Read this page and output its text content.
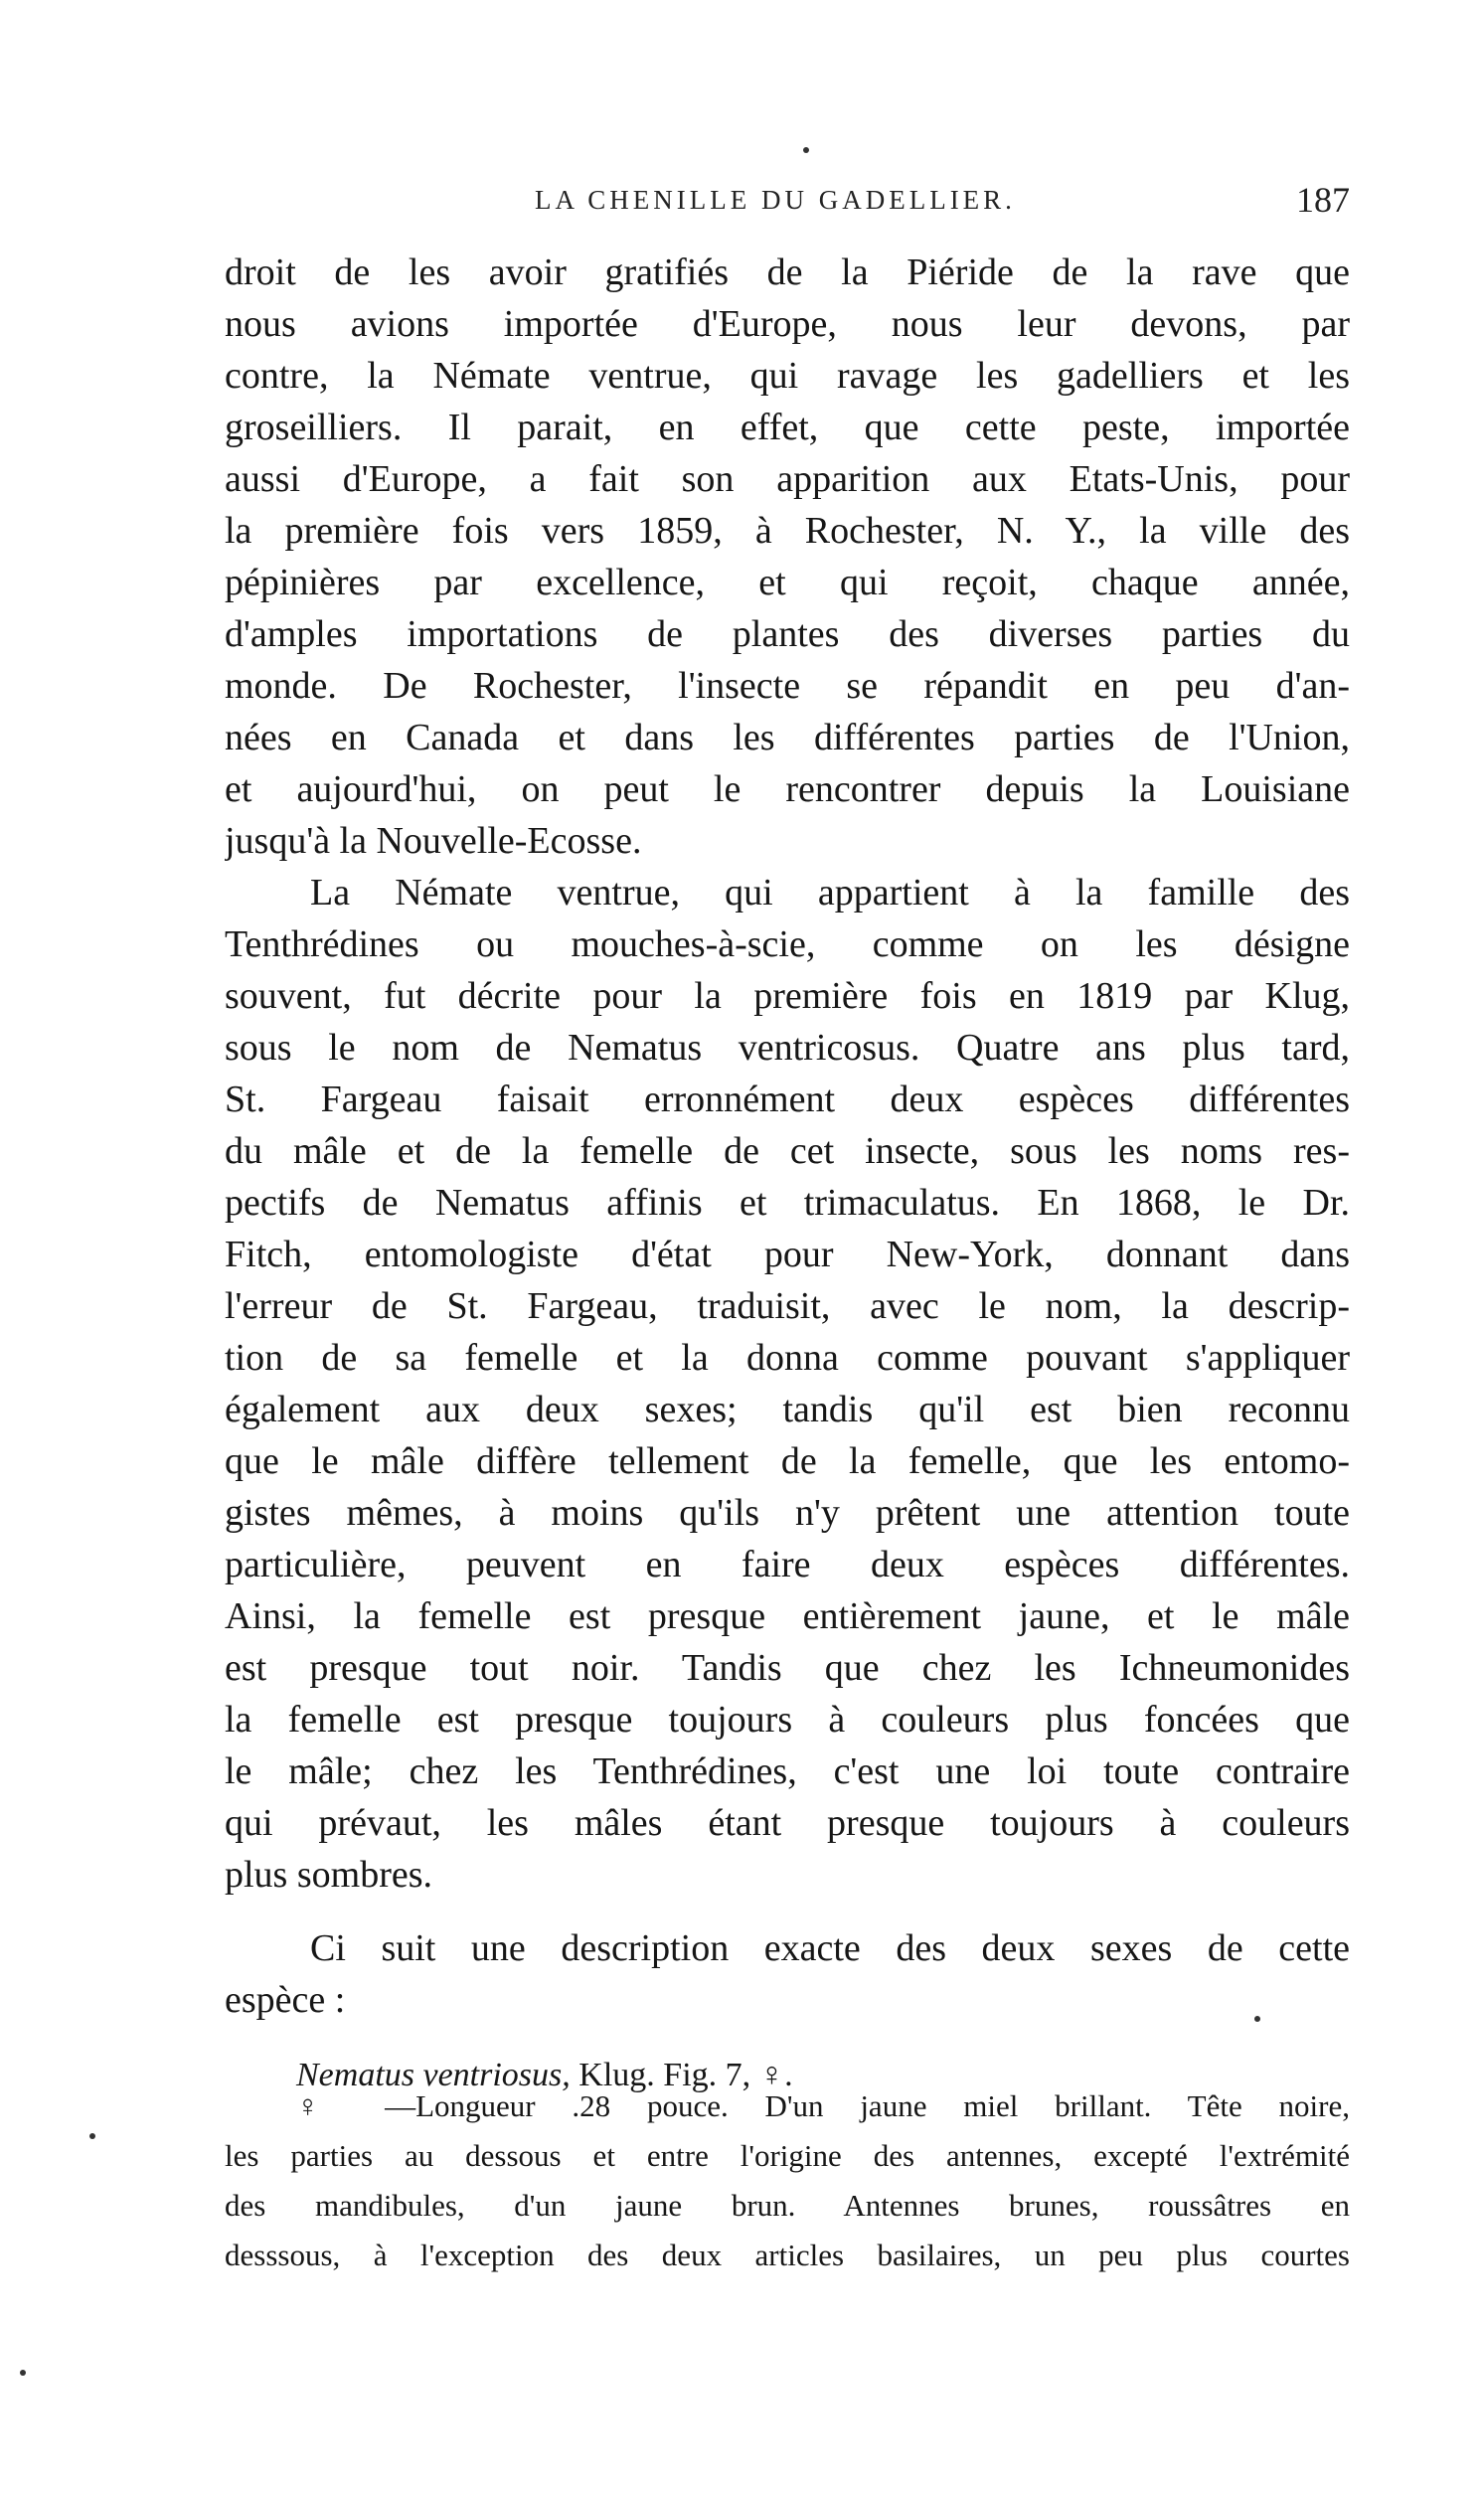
LA CHENILLE DU GADELLIER.	187
droit de les avoir gratifiés de la Piéride de la rave que
nous avions importée d'Europe, nous leur devons, par
contre, la Némate ventrue, qui ravage les gadelliers et les
groseilliers. Il parait, en effet, que cette peste, importée
aussi d'Europe, a fait son apparition aux Etats-Unis, pour
la première fois vers 1859, à Rochester, N. Y., la ville des
pépinières par excellence, et qui reçoit, chaque année,
d'amples importations de plantes des diverses parties du
monde. De Rochester, l'insecte se répandit en peu d'an-
nées en Canada et dans les différentes parties de l'Union,
et aujourd'hui, on peut le rencontrer depuis la Louisiane
jusqu'à la Nouvelle-Ecosse.
La Némate ventrue, qui appartient à la famille des
Tenthrédines ou mouches-à-scie, comme on les désigne
souvent, fut décrite pour la première fois en 1819 par Klug,
sous le nom de Nematus ventricosus. Quatre ans plus tard,
St. Fargeau faisait erronnément deux espèces différentes
du mâle et de la femelle de cet insecte, sous les noms res-
pectifs de Nematus affinis et trimaculatus. En 1868, le Dr.
Fitch, entomologiste d'état pour New-York, donnant dans
l'erreur de St. Fargeau, traduisit, avec le nom, la descrip-
tion de sa femelle et la donna comme pouvant s'appliquer
également aux deux sexes; tandis qu'il est bien reconnu
que le mâle diffère tellement de la femelle, que les entomo-
gistes mêmes, à moins qu'ils n'y prêtent une attention toute
particulière, peuvent en faire deux espèces différentes.
Ainsi, la femelle est presque entièrement jaune, et le mâle
est presque tout noir. Tandis que chez les Ichneumonides
la femelle est presque toujours à couleurs plus foncées que
le mâle; chez les Tenthrédines, c'est une loi toute contraire
qui prévaut, les mâles étant presque toujours à couleurs
plus sombres.
Ci suit une description exacte des deux sexes de cette
espèce :
Nematus ventriosus, Klug. Fig. 7, ♀.
♀ —Longueur .28 pouce. D'un jaune miel brillant. Tête noire,
les parties au dessous et entre l'origine des antennes, excepté l'extrémité
des mandibules, d'un jaune brun. Antennes brunes, roussâtres en
desssous, à l'exception des deux articles basilaires, un peu plus courtes
